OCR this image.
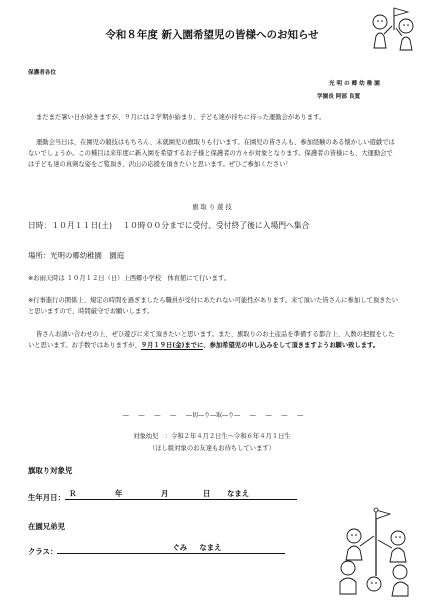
令和８年度 新入園希望児の皆様へのお知らせ
保護者各位
光 明 の 郷 幼 稚 園
学園長 阿部 良寛
まだまだ暑い日が続きますが、９月には２学期が始まり、子ども達が待ちに待った運動会があります。
運動会当日は、在園児の競技はもちろん、未就園児の旗取りも行います。在園児の皆さんも、参加経験のある懐かしい遊戯ではないでしょうか。この種目は来年度に新入園を希望するお子様と保護者の方々が対象となります。保護者の皆様にも、大運動会では子ども達の真剣な姿をご覧頂き、沢山の応援を頂きたいと思います。ぜひご参加ください！
旗 取 り 遊 技
日時：１０月１１日(土)　 １０時００分までに受付、受付終了後に入場門へ集合
場所：光明の郷幼稚園　園庭
※お雨天時は １０月１２日（日）上西郷小学校　体育館にて行います。
※行事進行の関係上、規定の時間を過ぎましたら職員が受付にあたれない可能性があります。来て頂いた皆さんに参加して頂きたいと思いますので、時間厳守でお願いします。
皆さんお誘い合わせの上、ぜひ遊びに来て頂きたいと思います。また、旗取りのお土産品を準備する都合上、人数の把握をしたいと思います。お手数ではありますが、９月１９日(金)までに、参加希望児の申し込みをして頂きますようお願い致します。
― 　 ― 　 ― 　 ― 　 ―切―り―取―り― 　 ― 　 ― 　 ― 　 ―
対象幼児　：令和２年４月２日生～令和６年４月１日生
（ほし組対象のお友達もお待ちしています）
旗取り対象児
生年月日： Ｒ	年	月	日 なまえ
在園兄弟児
クラス：	ぐみ なまえ
